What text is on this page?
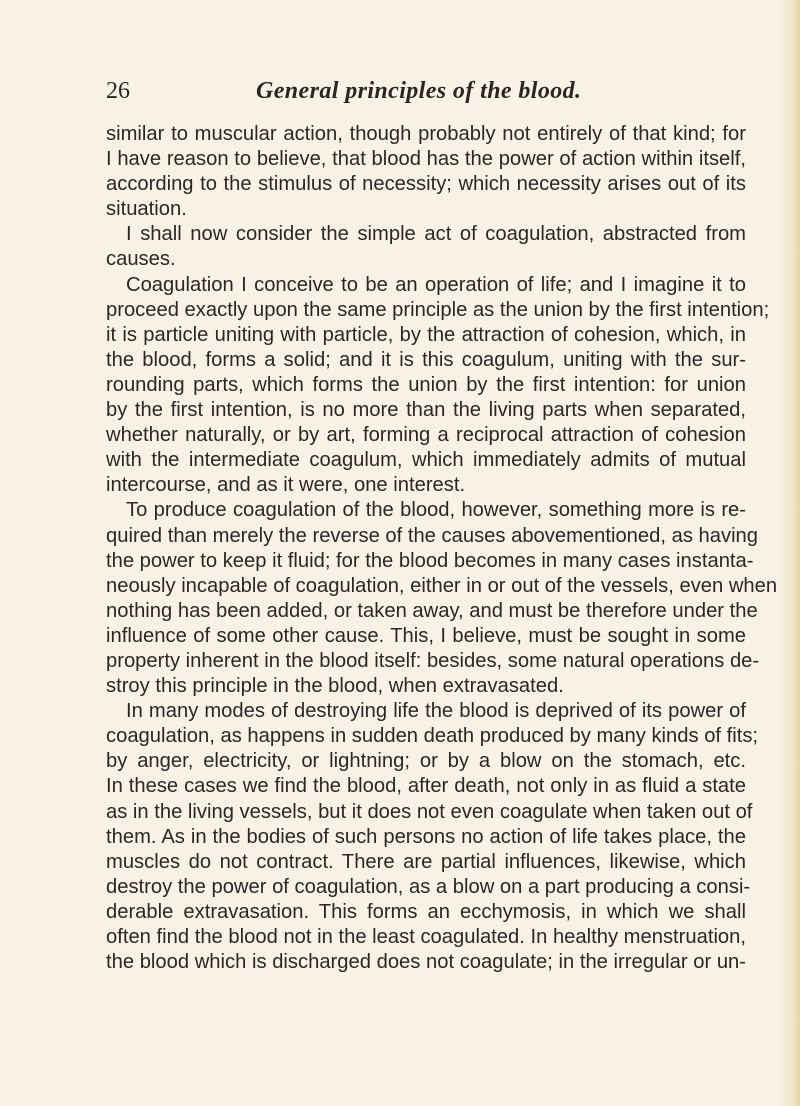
26	General principles of the blood.
similar to muscular action, though probably not entirely of that kind; for
I have reason to believe, that blood has the power of action within itself,
according to the stimulus of necessity; which necessity arises out of its
situation.
I shall now consider the simple act of coagulation, abstracted from
causes.
Coagulation I conceive to be an operation of life; and I imagine it to
proceed exactly upon the same principle as the union by the first intention;
it is particle uniting with particle, by the attraction of cohesion, which, in
the blood, forms a solid; and it is this coagulum, uniting with the sur-
rounding parts, which forms the union by the first intention: for union
by the first intention, is no more than the living parts when separated,
whether naturally, or by art, forming a reciprocal attraction of cohesion
with the intermediate coagulum, which immediately admits of mutual
intercourse, and as it were, one interest.
To produce coagulation of the blood, however, something more is re-
quired than merely the reverse of the causes abovementioned, as having
the power to keep it fluid; for the blood becomes in many cases instanta-
neously incapable of coagulation, either in or out of the vessels, even when
nothing has been added, or taken away, and must be therefore under the
influence of some other cause. This, I believe, must be sought in some
property inherent in the blood itself: besides, some natural operations de-
stroy this principle in the blood, when extravasated.
In many modes of destroying life the blood is deprived of its power of
coagulation, as happens in sudden death produced by many kinds of fits;
by anger, electricity, or lightning; or by a blow on the stomach, etc.
In these cases we find the blood, after death, not only in as fluid a state
as in the living vessels, but it does not even coagulate when taken out of
them. As in the bodies of such persons no action of life takes place, the
muscles do not contract. There are partial influences, likewise, which
destroy the power of coagulation, as a blow on a part producing a consi-
derable extravasation. This forms an ecchymosis, in which we shall
often find the blood not in the least coagulated. In healthy menstruation,
the blood which is discharged does not coagulate; in the irregular or un-
